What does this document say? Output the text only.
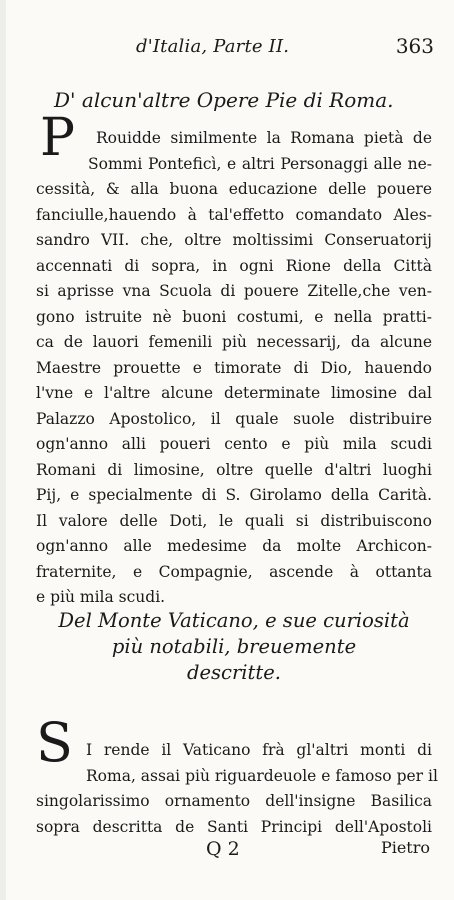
d'Italia, Parte II.	363
D' alcun'altre Opere Pie di Roma.
P	Rouidde similmente la Romana pietà de
Sommi Ponteficì, e altri Personaggi alle ne-
cessità, & alla buona educazione delle pouere
fanciulle,hauendo à tal'effetto comandato Ales-
sandro VII. che, oltre moltissimi Conseruatorij
accennati di sopra, in ogni Rione della Città
si aprisse vna Scuola di pouere Zitelle,che ven-
gono istruite nè buoni costumi, e nella pratti-
ca de lauori femenili più necessarij, da alcune
Maestre prouette e timorate di Dio, hauendo
l'vne e l'altre alcune determinate limosine dal
Palazzo Apostolico, il quale suole distribuire
ogn'anno alli poueri cento e più mila scudi
Romani di limosine, oltre quelle d'altri luoghi
Pij, e specialmente di S. Girolamo della Carità.
Il valore delle Doti, le quali si distribuiscono
ogn'anno alle medesime da molte Archicon-
fraternite, e Compagnie, ascende à ottanta
e più mila scudi.
Del Monte Vaticano, e sue curiosità
più notabili, breuemente
descritte.
S I rende il Vaticano frà gl'altri monti di
Roma, assai più riguardeuole e famoso per il
singolarissimo ornamento dell'insigne Basilica
sopra descritta de Santi Principi dell'Apostoli
Q 2	Pietro
